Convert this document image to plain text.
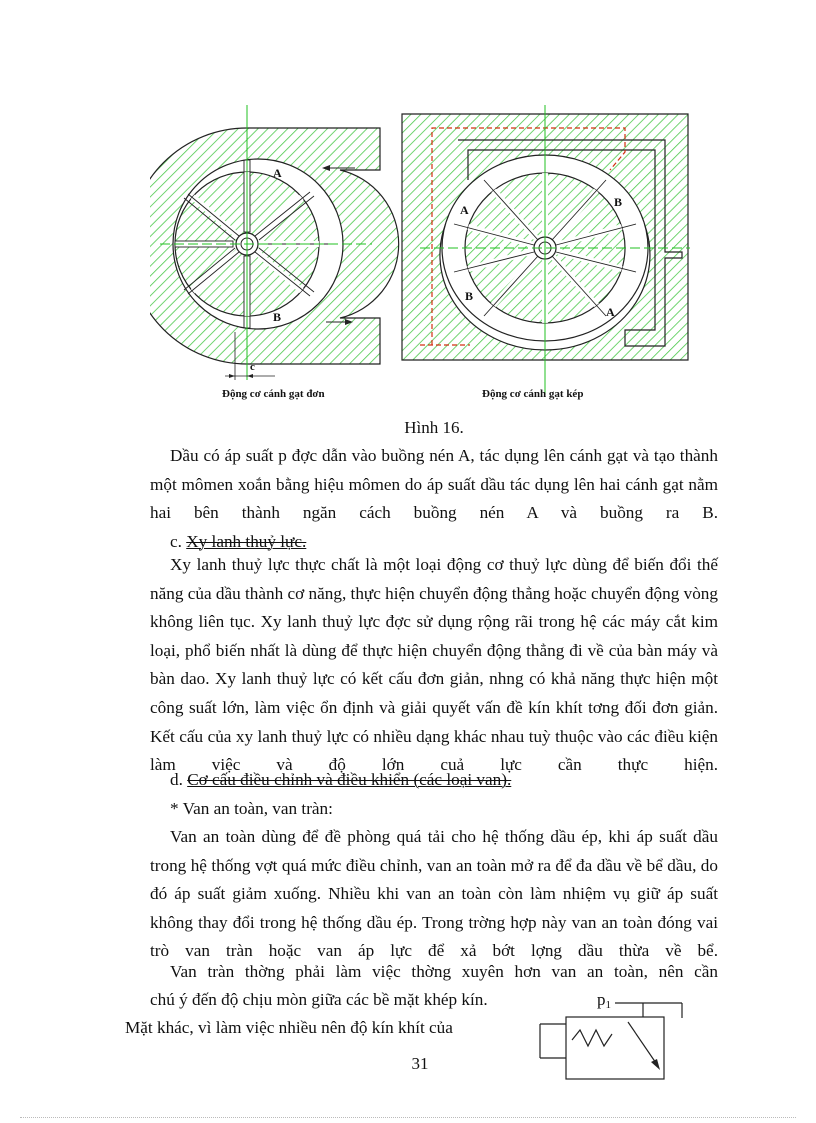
A
B
c
A
B
B
A
Động cơ cánh gạt đơn	Động cơ cánh gạt kép
Hình 16.

Dầu có áp suất p đợc dẫn vào buồng nén A, tác dụng lên cánh gạt và tạo thành một mômen xoắn bằng hiệu mômen do áp suất dầu tác dụng lên hai cánh gạt nằm hai bên thành ngăn cách buồng nén A và buồng ra B.

c. Xy lanh thuỷ lực.

Xy lanh thuỷ lực thực chất là một loại động cơ thuỷ lực dùng để biến đổi thế năng của dầu thành cơ năng, thực hiện chuyển động thẳng hoặc chuyển động vòng không liên tục. Xy lanh thuỷ lực đợc sử dụng rộng rãi trong hệ các máy cắt kim loại, phổ biến nhất là dùng để thực hiện chuyển động thẳng đi về của bàn máy và bàn dao. Xy lanh thuỷ lực có kết cấu đơn giản, nhng có khả năng thực hiện một công suất lớn, làm việc ổn định và giải quyết vấn đề kín khít tơng đối đơn giản. Kết cấu của xy lanh thuỷ lực có nhiều dạng khác nhau tuỳ thuộc vào các điều kiện làm việc và độ lớn cuả lực cần thực hiện.

d. Cơ cấu điều chỉnh và điều khiển (các loại van).

* Van an toàn, van tràn:

Van an toàn dùng để đề phòng quá tải cho hệ thống dầu ép, khi áp suất dầu trong hệ thống vợt quá mức điều chỉnh, van an toàn mở ra để đa dầu về bể dầu, do đó áp suất giảm xuống. Nhiều khi van an toàn còn làm nhiệm vụ giữ áp suất không thay đổi trong hệ thống dầu ép. Trong trờng hợp này van an toàn đóng vai trò van tràn hoặc van áp lực để xả bớt lợng dầu thừa về bể.

Van tràn thờng phải làm việc thờng xuyên hơn van an toàn, nên cần

chú ý đến độ chịu mòn giữa các bề mặt khép kín.

Mặt khác, vì làm việc nhiều nên độ kín khít của

p1
31
